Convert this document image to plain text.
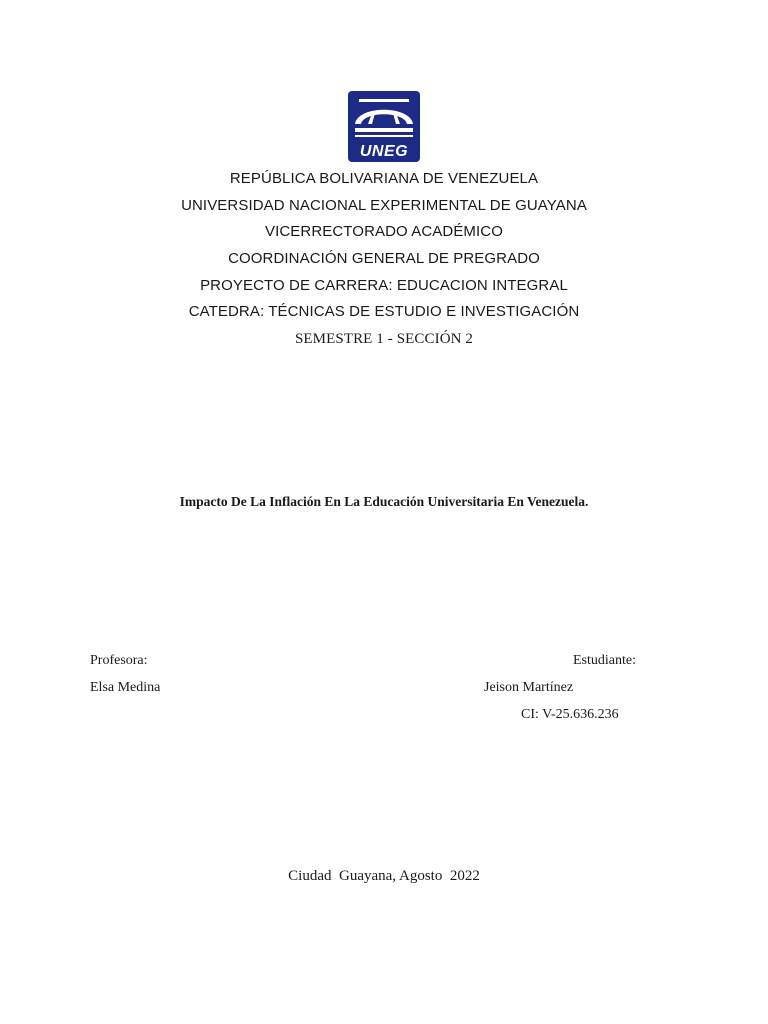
UNEG
REPÚBLICA BOLIVARIANA DE VENEZUELA
UNIVERSIDAD NACIONAL EXPERIMENTAL DE GUAYANA
VICERRECTORADO ACADÉMICO
COORDINACIÓN GENERAL DE PREGRADO
PROYECTO DE CARRERA: EDUCACION INTEGRAL
CATEDRA: TÉCNICAS DE ESTUDIO E INVESTIGACIÓN
SEMESTRE 1 - SECCIÓN 2
Impacto De La Inflación En La Educación Universitaria En Venezuela.
Profesora:
Elsa Medina
Estudiante:
Jeison Martínez
CI: V-25.636.236
Ciudad  Guayana, Agosto  2022
